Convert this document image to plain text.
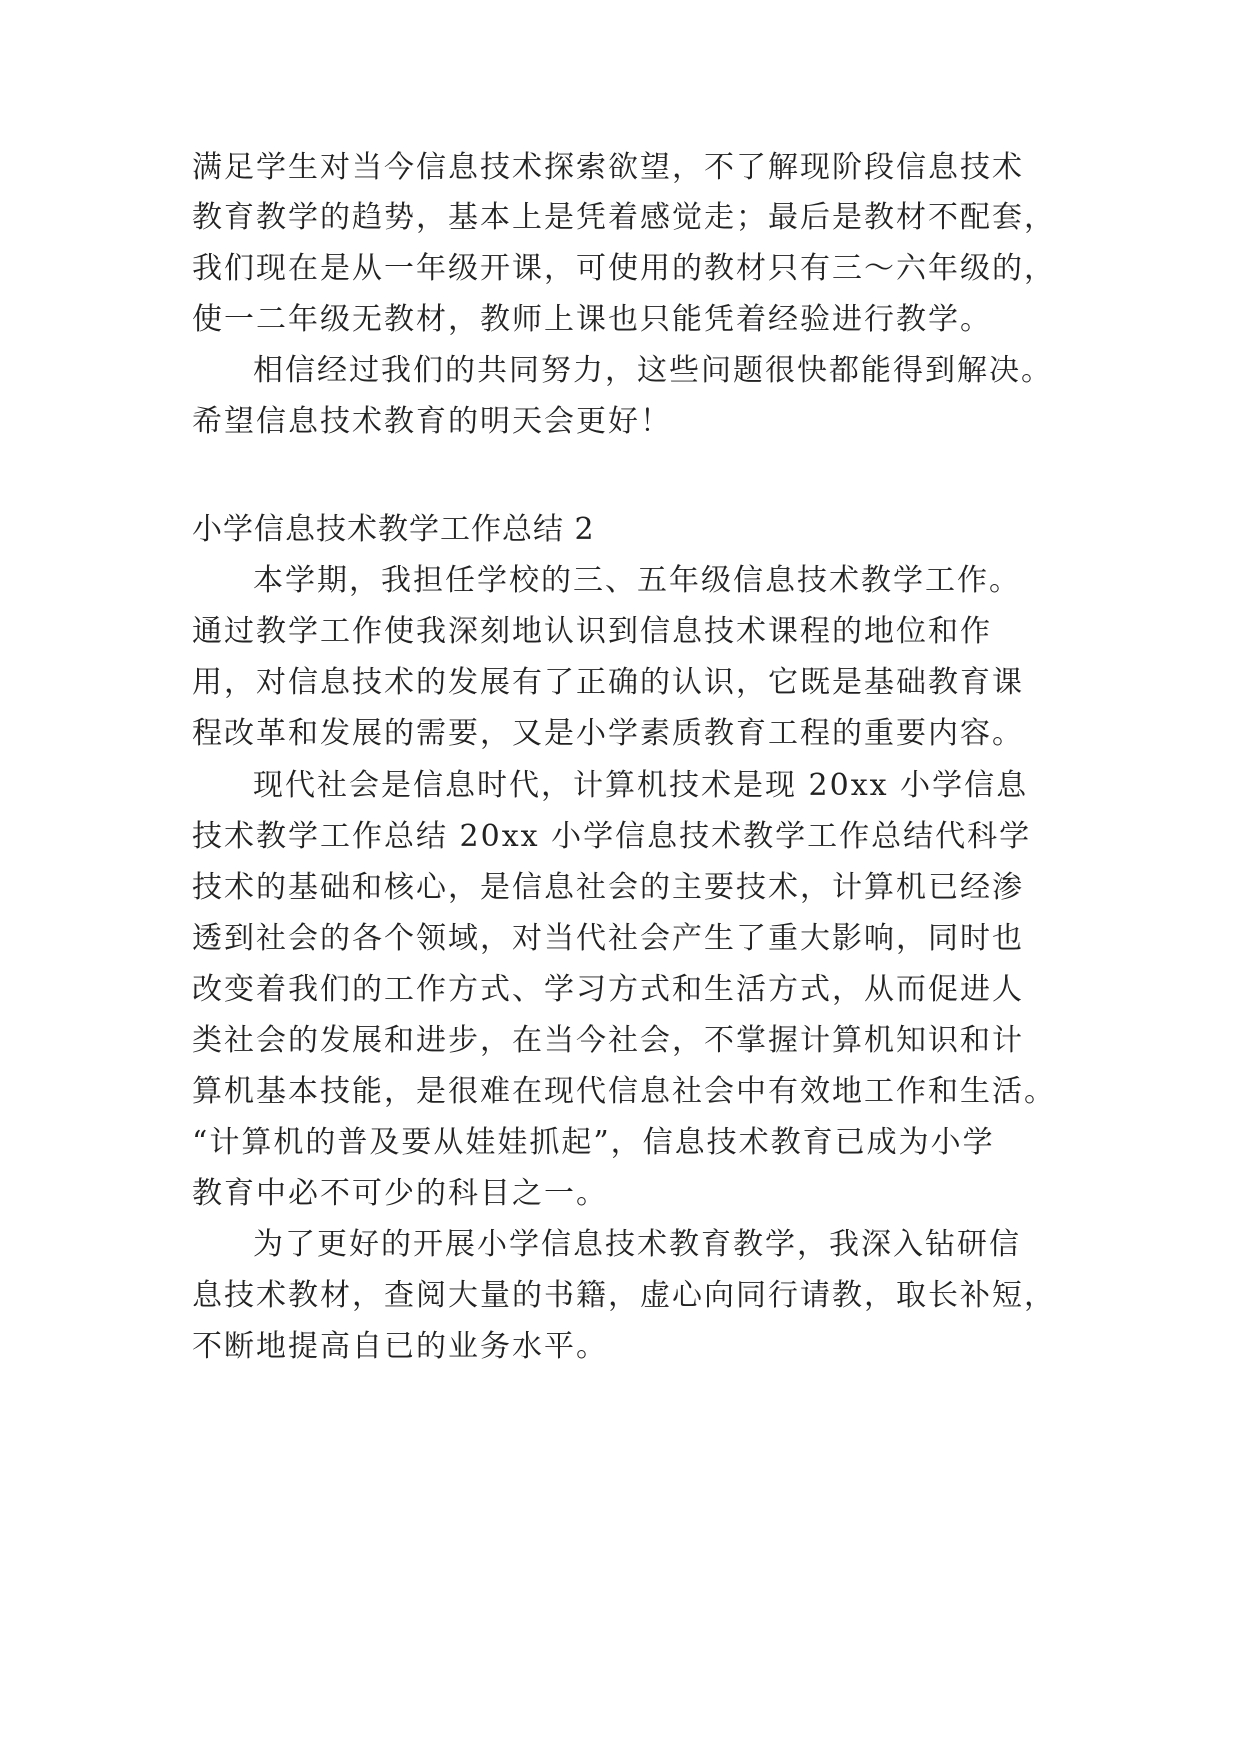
满足学生对当今信息技术探索欲望，不了解现阶段信息技术
教育教学的趋势，基本上是凭着感觉走；最后是教材不配套，
我们现在是从一年级开课，可使用的教材只有三～六年级的，
使一二年级无教材，教师上课也只能凭着经验进行教学。
相信经过我们的共同努力，这些问题很快都能得到解决。
希望信息技术教育的明天会更好！
小学信息技术教学工作总结 2
本学期，我担任学校的三、五年级信息技术教学工作。
通过教学工作使我深刻地认识到信息技术课程的地位和作
用，对信息技术的发展有了正确的认识，它既是基础教育课
程改革和发展的需要，又是小学素质教育工程的重要内容。
现代社会是信息时代，计算机技术是现 20xx 小学信息
技术教学工作总结 20xx 小学信息技术教学工作总结代科学
技术的基础和核心，是信息社会的主要技术，计算机已经渗
透到社会的各个领域，对当代社会产生了重大影响，同时也
改变着我们的工作方式、学习方式和生活方式，从而促进人
类社会的发展和进步，在当今社会，不掌握计算机知识和计
算机基本技能，是很难在现代信息社会中有效地工作和生活。
“计算机的普及要从娃娃抓起”，信息技术教育已成为小学
教育中必不可少的科目之一。
为了更好的开展小学信息技术教育教学，我深入钻研信
息技术教材，查阅大量的书籍，虚心向同行请教，取长补短，
不断地提高自已的业务水平。
